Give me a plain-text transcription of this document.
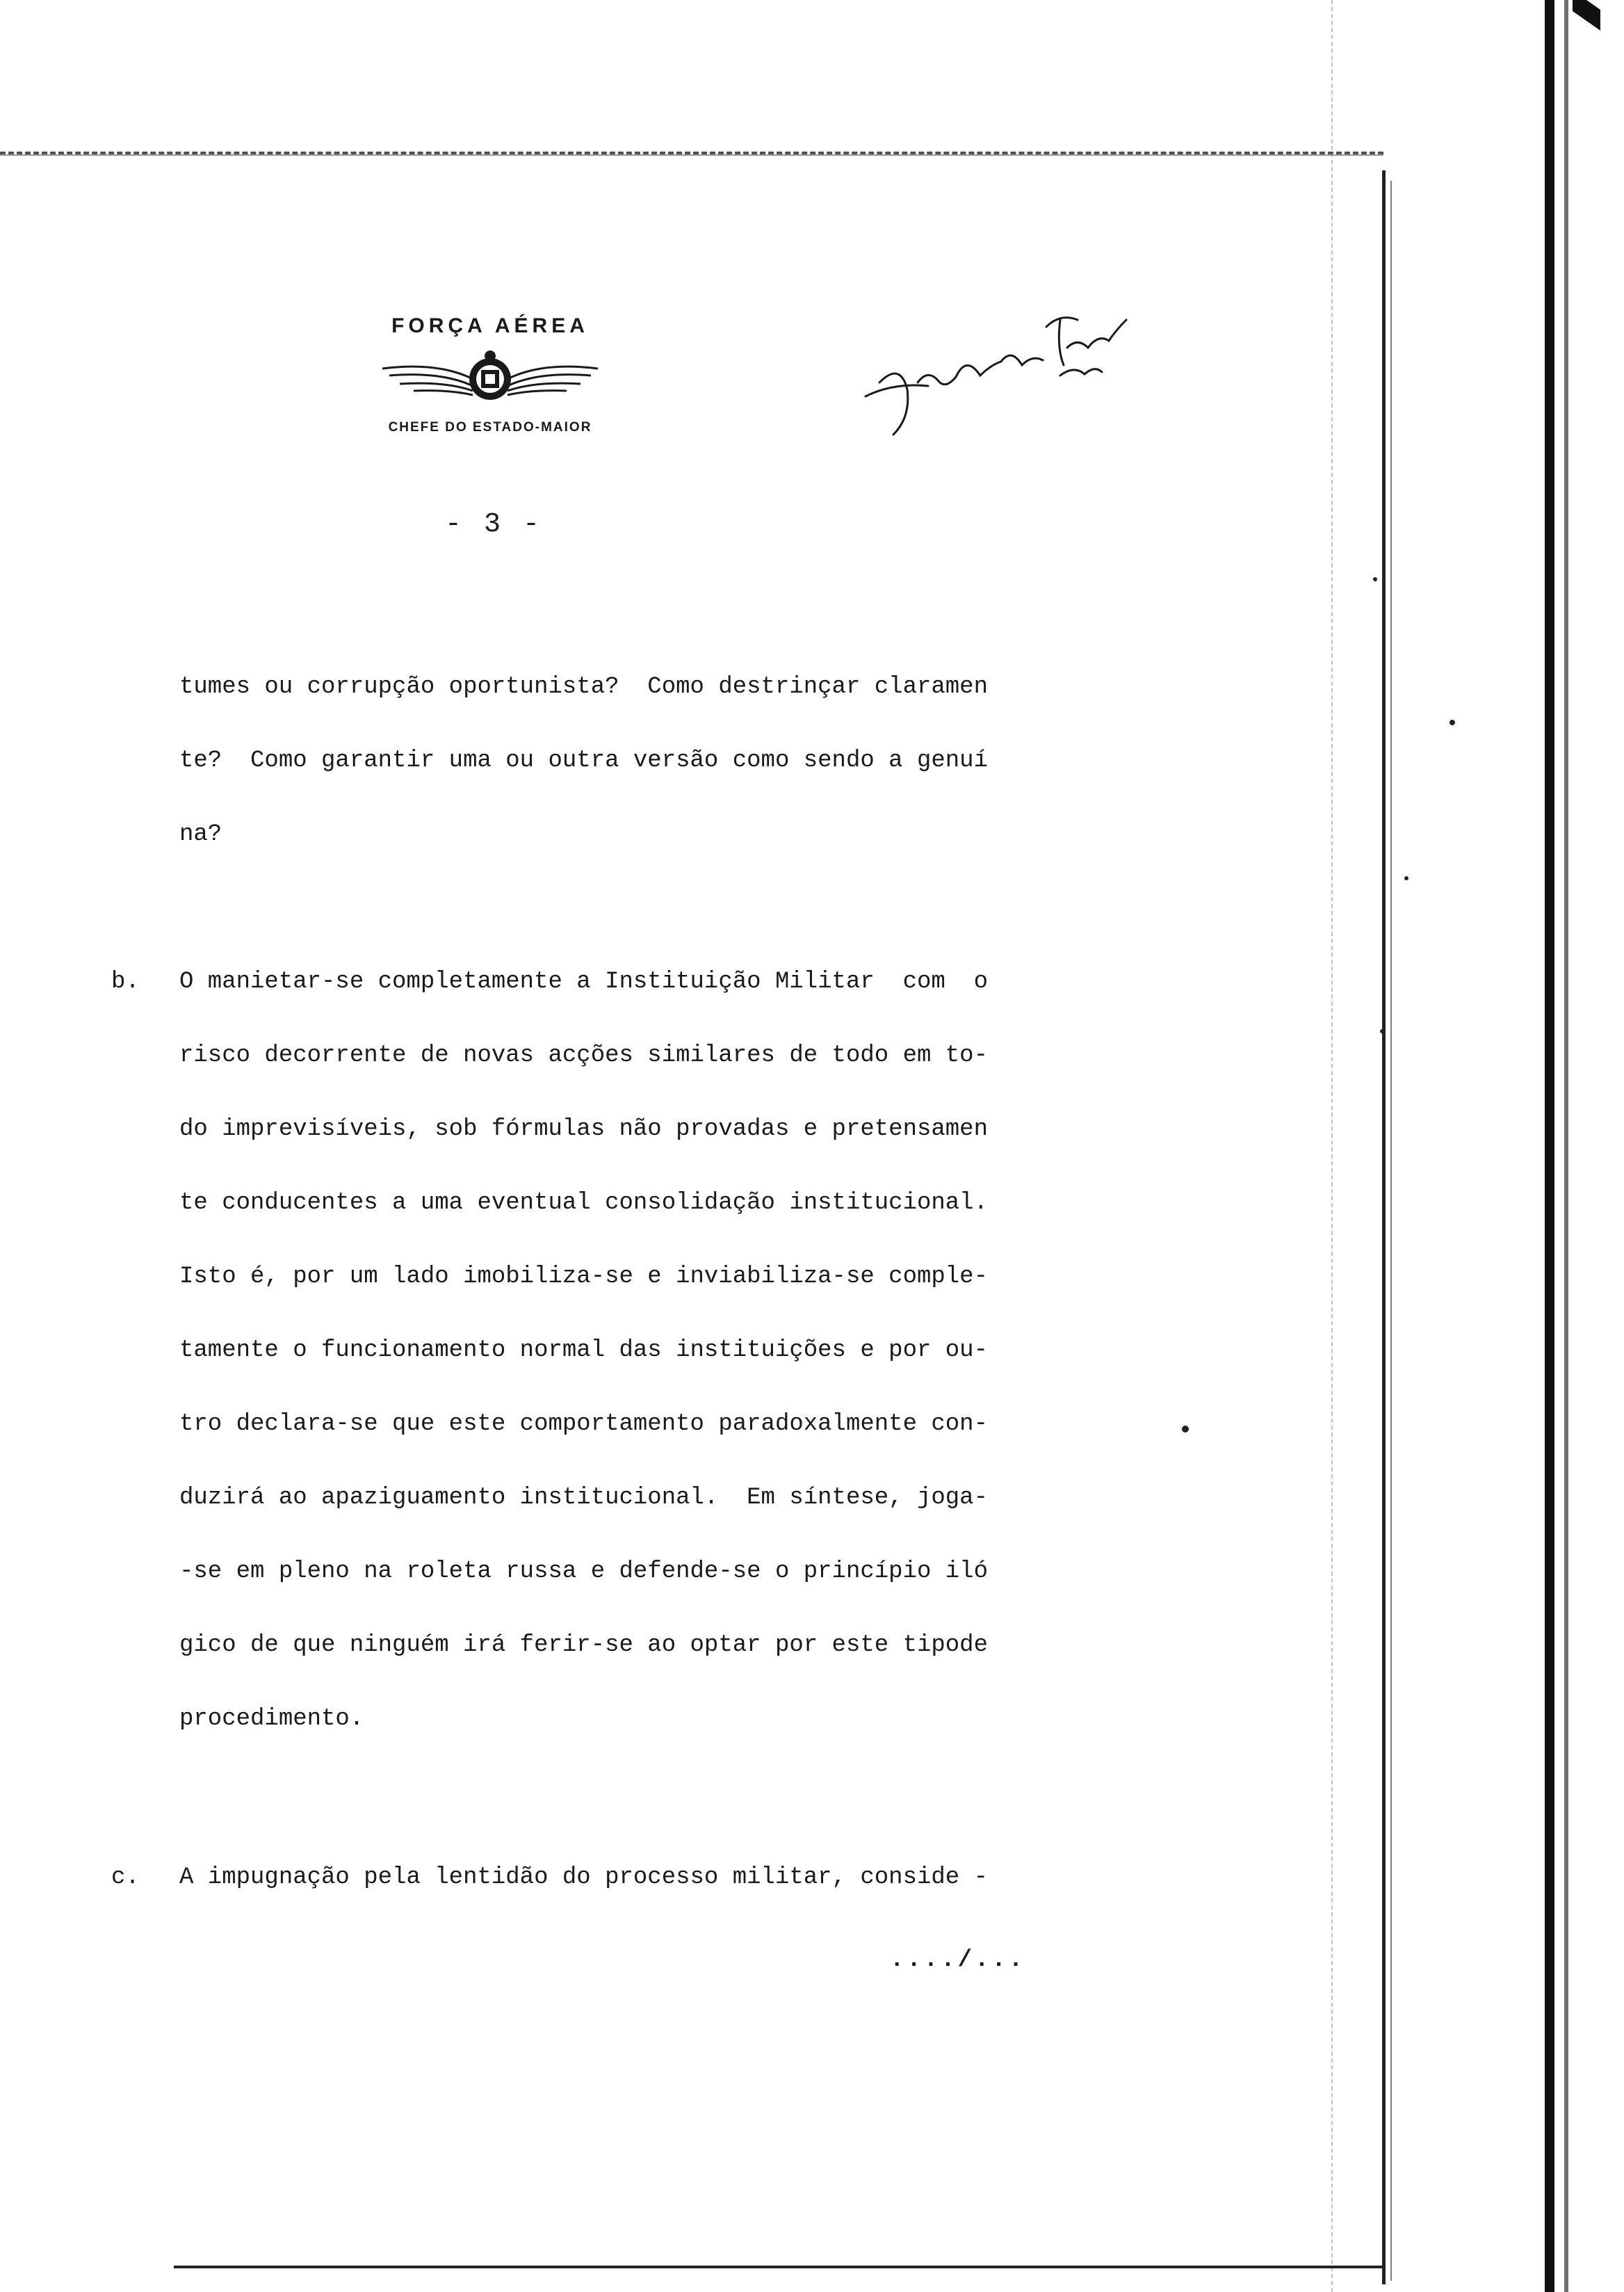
FORÇA AÉREA
CHEFE DO ESTADO-MAIOR
- 3 -
tumes ou corrupção oportunista?  Como destrinçar claramen
te?  Como garantir uma ou outra versão como sendo a genuí
na?
b. O manietar-se completamente a Instituição Militar  com  o
risco decorrente de novas acções similares de todo em to-
do imprevisíveis, sob fórmulas não provadas e pretensamen
te conducentes a uma eventual consolidação institucional.
Isto é, por um lado imobiliza-se e inviabiliza-se comple-
tamente o funcionamento normal das instituições e por ou-
tro declara-se que este comportamento paradoxalmente con-
duzirá ao apaziguamento institucional.  Em síntese, joga-
-se em pleno na roleta russa e defende-se o princípio iló
gico de que ninguém irá ferir-se ao optar por este tipode
procedimento.
c. A impugnação pela lentidão do processo militar, conside -
..../...
